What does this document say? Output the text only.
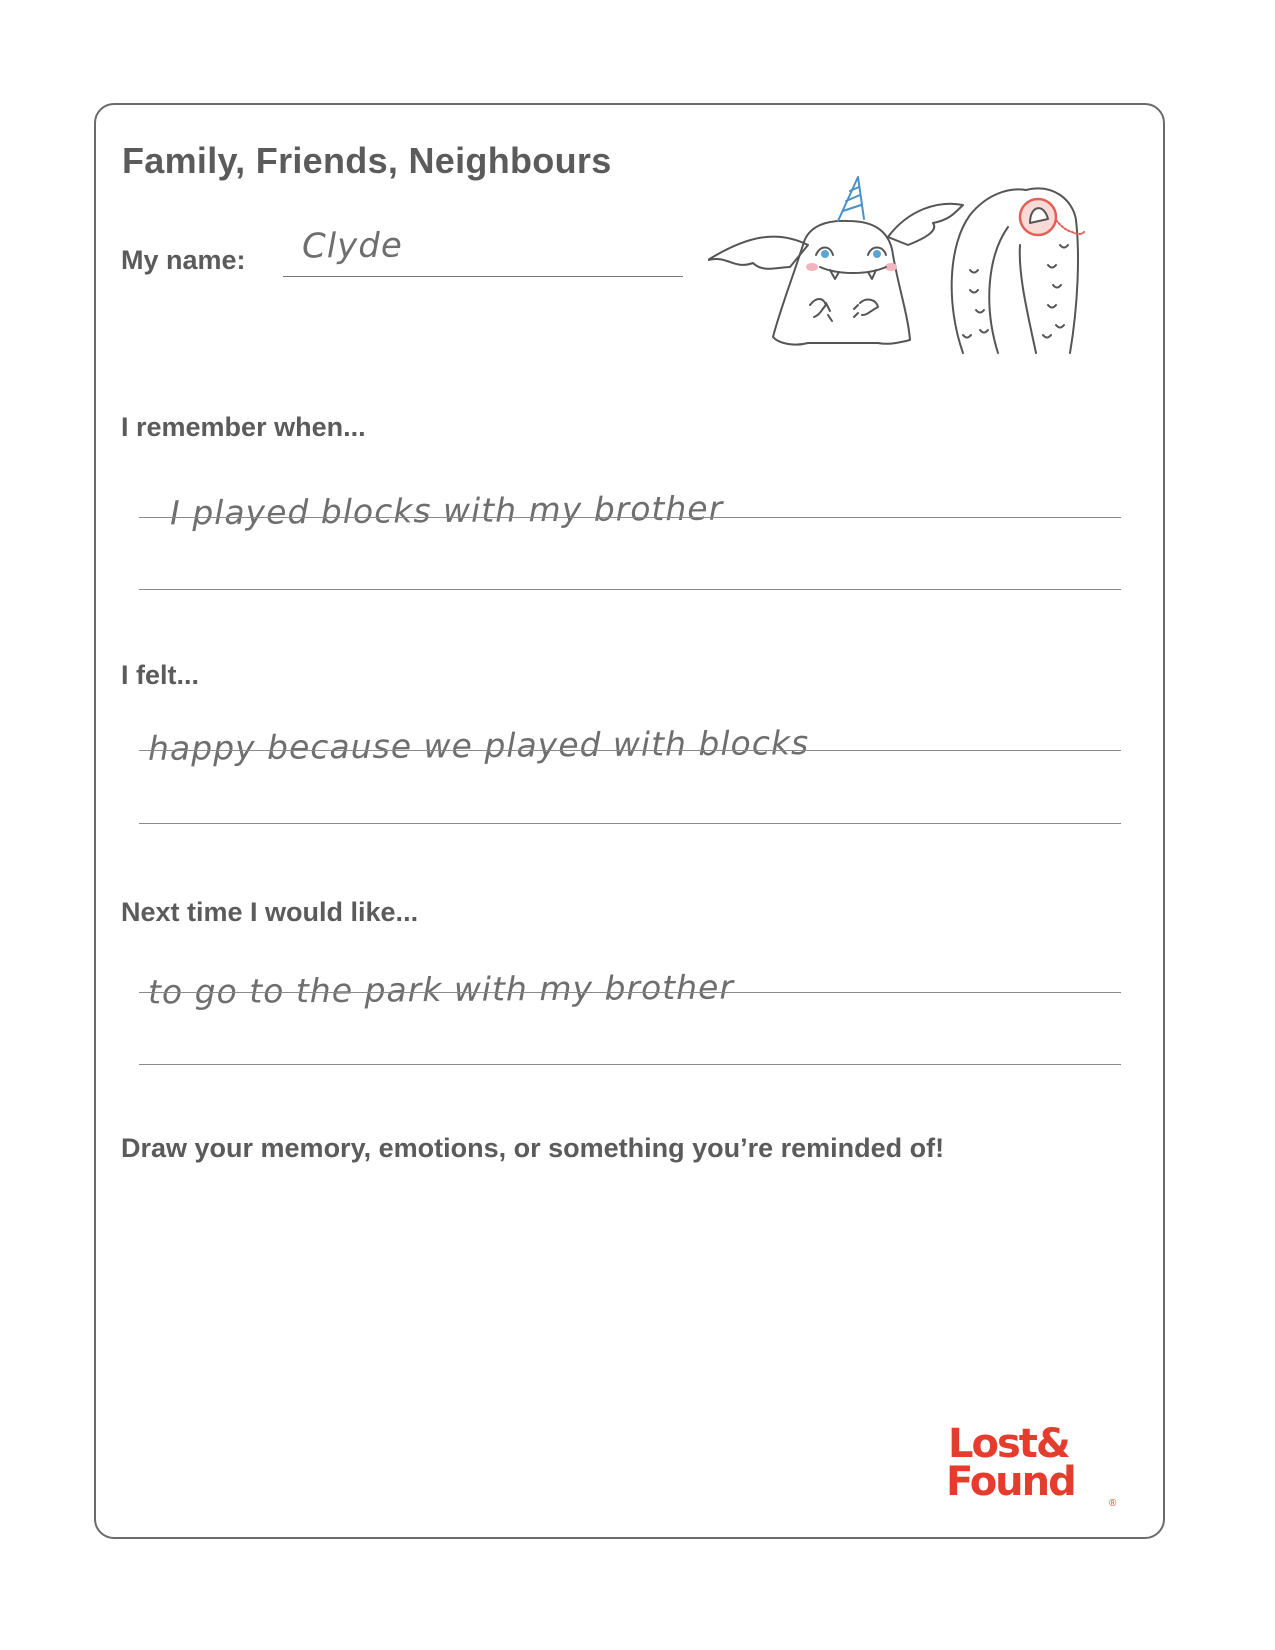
Family, Friends, Neighbours
My name: Clyde
I remember when...
I played blocks with my brother
I felt...
happy because we played with blocks
Next time I would like...
to go to the park with my brother
Draw your memory, emotions, or something you’re reminded of!
Lost&
Found	®
